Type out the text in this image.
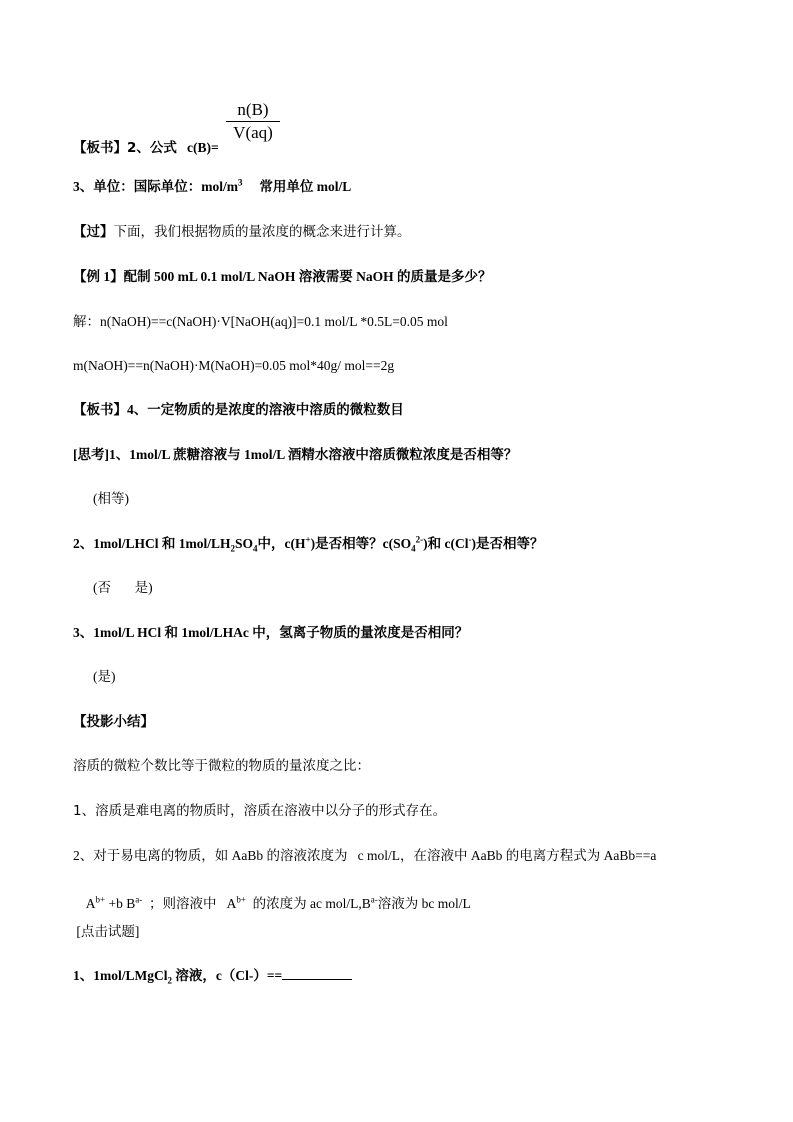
【板书】2、公式 c(B)=
$\frac{n(B)}{V(aq)}$
3、单位：国际单位：mol/$m^3$ 常用单位 mol/L
【过】下面，我们根据物质的量浓度的概念来进行计算。
【例 1】配制 500 mL 0.1 mol/L NaOH 溶液需要 NaOH 的质量是多少？
解：n(NaOH)==c(NaOH)·V[NaOH(aq)]=0.1 mol/L *0.5L=0.05 mol
m(NaOH)==n(NaOH)·M(NaOH)=0.05 mol*40g/ mol==2g
【板书】4、一定物质的是浓度的溶液中溶质的微粒数目
[思考]1、1mol/L 蔗糖溶液与 1mol/L 酒精水溶液中溶质微粒浓度是否相等？
(相等)
2、1mol/LHCl 和 $1mol/LH_2SO_4$中，c(H+)是否相等？$c(SO_4^{2-})$和 c(Cl-)是否相等？
(否       是)
3、1mol/L HCl 和 1mol/LHAc 中，氢离子物质的量浓度是否相同？
(是)
【投影小结】
溶质的微粒个数比等于微粒的物质的量浓度之比：
1、溶质是难电离的物质时，溶质在溶液中以分子的形式存在。
2、对于易电离的物质，如 AaBb 的溶液浓度为   c mol/L，在溶液中 AaBb 的电离方程式为 AaBb==a

$A^{b+} +b$ $B^{a-}$  ；则溶液中   $A^{b+}$  的浓度为 ac mol/$L,B^{a-}$溶液为 bc mol/L

[点击试题]
1、1mol/LMgCl$_2$ 溶液，c（Cl-）==
